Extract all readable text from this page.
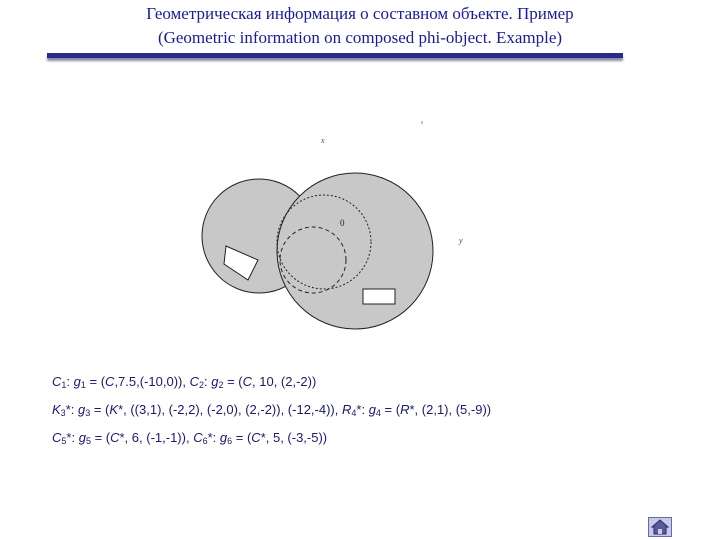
Геометрическая информация о составном объекте. Пример
(Geometric information on composed phi-object. Example)
0
x
y
$C_1$: $g_1 = (C,7.5,(-10,0))$, $C_2$: $g_2 = (C$, 10, (2,-2))
$K_3*$: $g_3 = (K*$, ((3,1), (-2,2), (-2,0), (2,-2)), (-12,-4)), $R_4*$: $g_4 = (R*$, (2,1), (5,-9))
$C_5*$: $g_5 = (C*$, 6, (-1,-1)), $C_6*$: $g_6 = (C*$, 5, (-3,-5))
